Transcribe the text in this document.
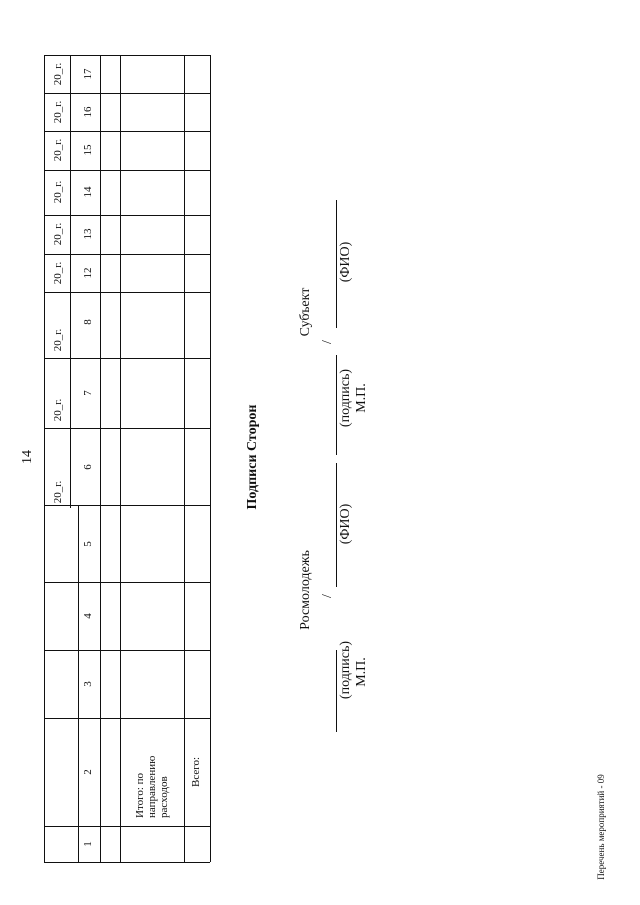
14
20_г.
20_г.
20_г.
20_г.
20_г.
20_г.
20_г.
20_г.
20_г.
17
16
15
14
13
12
8
7
6
5
4
3
2
1
Итого: по направлению расходов
Всего:
Подписи Сторон
Росмолодежь
(подпись) М.П.
/
(ФИО)
Субъект
(подпись) М.П.
/
(ФИО)
Перечень мероприятий - 09
